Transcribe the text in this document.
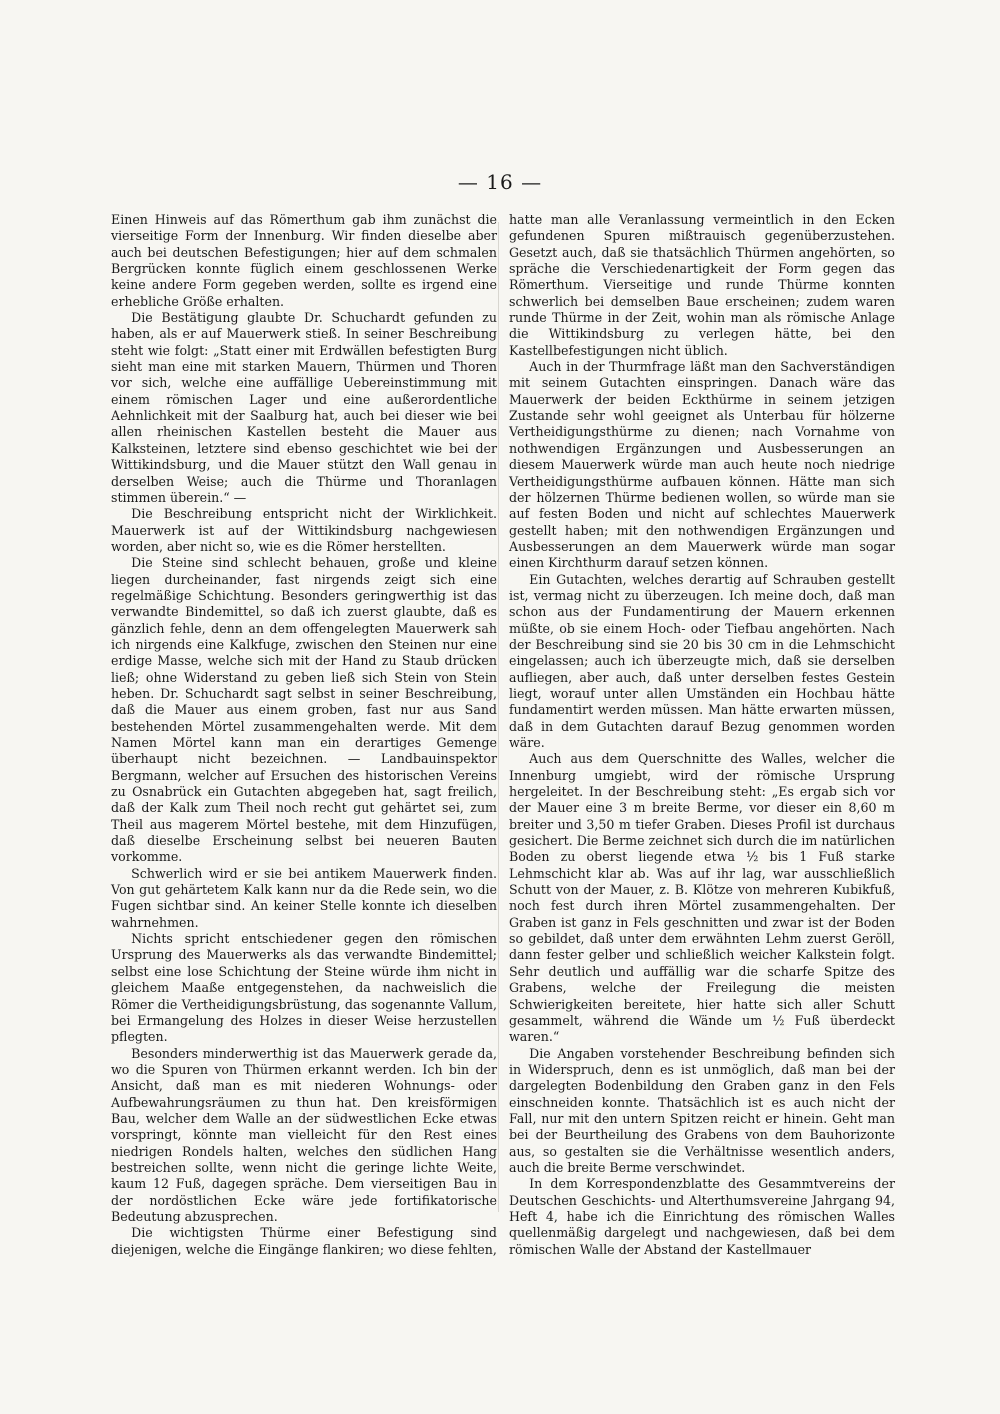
— 16 —

Einen Hinweis auf das Römerthum gab ihm zunächst die vierseitige Form der Innenburg. Wir finden dieselbe aber auch bei deutschen Befestigungen; hier auf dem schmalen Bergrücken konnte füglich einem geschlossenen Werke keine andere Form gegeben werden, sollte es irgend eine erhebliche Größe erhalten.

Die Bestätigung glaubte Dr. Schuchardt gefunden zu haben, als er auf Mauerwerk stieß. In seiner Beschreibung steht wie folgt: „Statt einer mit Erdwällen befestigten Burg sieht man eine mit starken Mauern, Thürmen und Thoren vor sich, welche eine auffällige Uebereinstimmung mit einem römischen Lager und eine außerordentliche Aehnlichkeit mit der Saalburg hat, auch bei dieser wie bei allen rheinischen Kastellen besteht die Mauer aus Kalksteinen, letztere sind ebenso geschichtet wie bei der Wittikindsburg, und die Mauer stützt den Wall genau in derselben Weise; auch die Thürme und Thoranlagen stimmen überein.“ —

Die Beschreibung entspricht nicht der Wirklichkeit. Mauerwerk ist auf der Wittikindsburg nachgewiesen worden, aber nicht so, wie es die Römer herstellten.

Die Steine sind schlecht behauen, große und kleine liegen durcheinander, fast nirgends zeigt sich eine regelmäßige Schichtung. Besonders geringwerthig ist das verwandte Bindemittel, so daß ich zuerst glaubte, daß es gänzlich fehle, denn an dem offengelegten Mauerwerk sah ich nirgends eine Kalkfuge, zwischen den Steinen nur eine erdige Masse, welche sich mit der Hand zu Staub drücken ließ; ohne Widerstand zu geben ließ sich Stein von Stein heben. Dr. Schuchardt sagt selbst in seiner Beschreibung, daß die Mauer aus einem groben, fast nur aus Sand bestehenden Mörtel zusammengehalten werde. Mit dem Namen Mörtel kann man ein derartiges Gemenge überhaupt nicht bezeichnen. — Landbauinspektor Bergmann, welcher auf Ersuchen des historischen Vereins zu Osnabrück ein Gutachten abgegeben hat, sagt freilich, daß der Kalk zum Theil noch recht gut gehärtet sei, zum Theil aus magerem Mörtel bestehe, mit dem Hinzufügen, daß dieselbe Erscheinung selbst bei neueren Bauten vorkomme.

Schwerlich wird er sie bei antikem Mauerwerk finden. Von gut gehärtetem Kalk kann nur da die Rede sein, wo die Fugen sichtbar sind. An keiner Stelle konnte ich dieselben wahrnehmen.

Nichts spricht entschiedener gegen den römischen Ursprung des Mauerwerks als das verwandte Bindemittel; selbst eine lose Schichtung der Steine würde ihm nicht in gleichem Maaße entgegenstehen, da nachweislich die Römer die Vertheidigungsbrüstung, das sogenannte Vallum, bei Ermangelung des Holzes in dieser Weise herzustellen pflegten.

Besonders minderwerthig ist das Mauerwerk gerade da, wo die Spuren von Thürmen erkannt werden. Ich bin der Ansicht, daß man es mit niederen Wohnungs- oder Aufbewahrungsräumen zu thun hat. Den kreisförmigen Bau, welcher dem Walle an der südwestlichen Ecke etwas vorspringt, könnte man vielleicht für den Rest eines niedrigen Rondels halten, welches den südlichen Hang bestreichen sollte, wenn nicht die geringe lichte Weite, kaum 12 Fuß, dagegen spräche. Dem vierseitigen Bau in der nordöstlichen Ecke wäre jede fortifikatorische Bedeutung abzusprechen.

Die wichtigsten Thürme einer Befestigung sind diejenigen, welche die Eingänge flankiren; wo diese fehlten,

hatte man alle Veranlassung vermeintlich in den Ecken gefundenen Spuren mißtrauisch gegenüberzustehen. Gesetzt auch, daß sie thatsächlich Thürmen angehörten, so spräche die Verschiedenartigkeit der Form gegen das Römerthum. Vierseitige und runde Thürme konnten schwerlich bei demselben Baue erscheinen; zudem waren runde Thürme in der Zeit, wohin man als römische Anlage die Wittikindsburg zu verlegen hätte, bei den Kastellbefestigungen nicht üblich.

Auch in der Thurmfrage läßt man den Sachverständigen mit seinem Gutachten einspringen. Danach wäre das Mauerwerk der beiden Eckthürme in seinem jetzigen Zustande sehr wohl geeignet als Unterbau für hölzerne Vertheidigungsthürme zu dienen; nach Vornahme von nothwendigen Ergänzungen und Ausbesserungen an diesem Mauerwerk würde man auch heute noch niedrige Vertheidigungsthürme aufbauen können. Hätte man sich der hölzernen Thürme bedienen wollen, so würde man sie auf festen Boden und nicht auf schlechtes Mauerwerk gestellt haben; mit den nothwendigen Ergänzungen und Ausbesserungen an dem Mauerwerk würde man sogar einen Kirchthurm darauf setzen können.

Ein Gutachten, welches derartig auf Schrauben gestellt ist, vermag nicht zu überzeugen. Ich meine doch, daß man schon aus der Fundamentirung der Mauern erkennen müßte, ob sie einem Hoch- oder Tiefbau angehörten. Nach der Beschreibung sind sie 20 bis 30 cm in die Lehmschicht eingelassen; auch ich überzeugte mich, daß sie derselben aufliegen, aber auch, daß unter derselben festes Gestein liegt, worauf unter allen Umständen ein Hochbau hätte fundamentirt werden müssen. Man hätte erwarten müssen, daß in dem Gutachten darauf Bezug genommen worden wäre.

Auch aus dem Querschnitte des Walles, welcher die Innenburg umgiebt, wird der römische Ursprung hergeleitet. In der Beschreibung steht: „Es ergab sich vor der Mauer eine 3 m breite Berme, vor dieser ein 8,60 m breiter und 3,50 m tiefer Graben. Dieses Profil ist durchaus gesichert. Die Berme zeichnet sich durch die im natürlichen Boden zu oberst liegende etwa ½ bis 1 Fuß starke Lehmschicht klar ab. Was auf ihr lag, war ausschließlich Schutt von der Mauer, z. B. Klötze von mehreren Kubikfuß, noch fest durch ihren Mörtel zusammengehalten. Der Graben ist ganz in Fels geschnitten und zwar ist der Boden so gebildet, daß unter dem erwähnten Lehm zuerst Geröll, dann fester gelber und schließlich weicher Kalkstein folgt. Sehr deutlich und auffällig war die scharfe Spitze des Grabens, welche der Freilegung die meisten Schwierigkeiten bereitete, hier hatte sich aller Schutt gesammelt, während die Wände um ½ Fuß überdeckt waren.“

Die Angaben vorstehender Beschreibung befinden sich in Widerspruch, denn es ist unmöglich, daß man bei der dargelegten Bodenbildung den Graben ganz in den Fels einschneiden konnte. Thatsächlich ist es auch nicht der Fall, nur mit den untern Spitzen reicht er hinein. Geht man bei der Beurtheilung des Grabens von dem Bauhorizonte aus, so gestalten sie die Verhältnisse wesentlich anders, auch die breite Berme verschwindet.

In dem Korrespondenzblatte des Gesammtvereins der Deutschen Geschichts- und Alterthumsvereine Jahrgang 94, Heft 4, habe ich die Einrichtung des römischen Walles quellenmäßig dargelegt und nachgewiesen, daß bei dem römischen Walle der Abstand der Kastellmauer
